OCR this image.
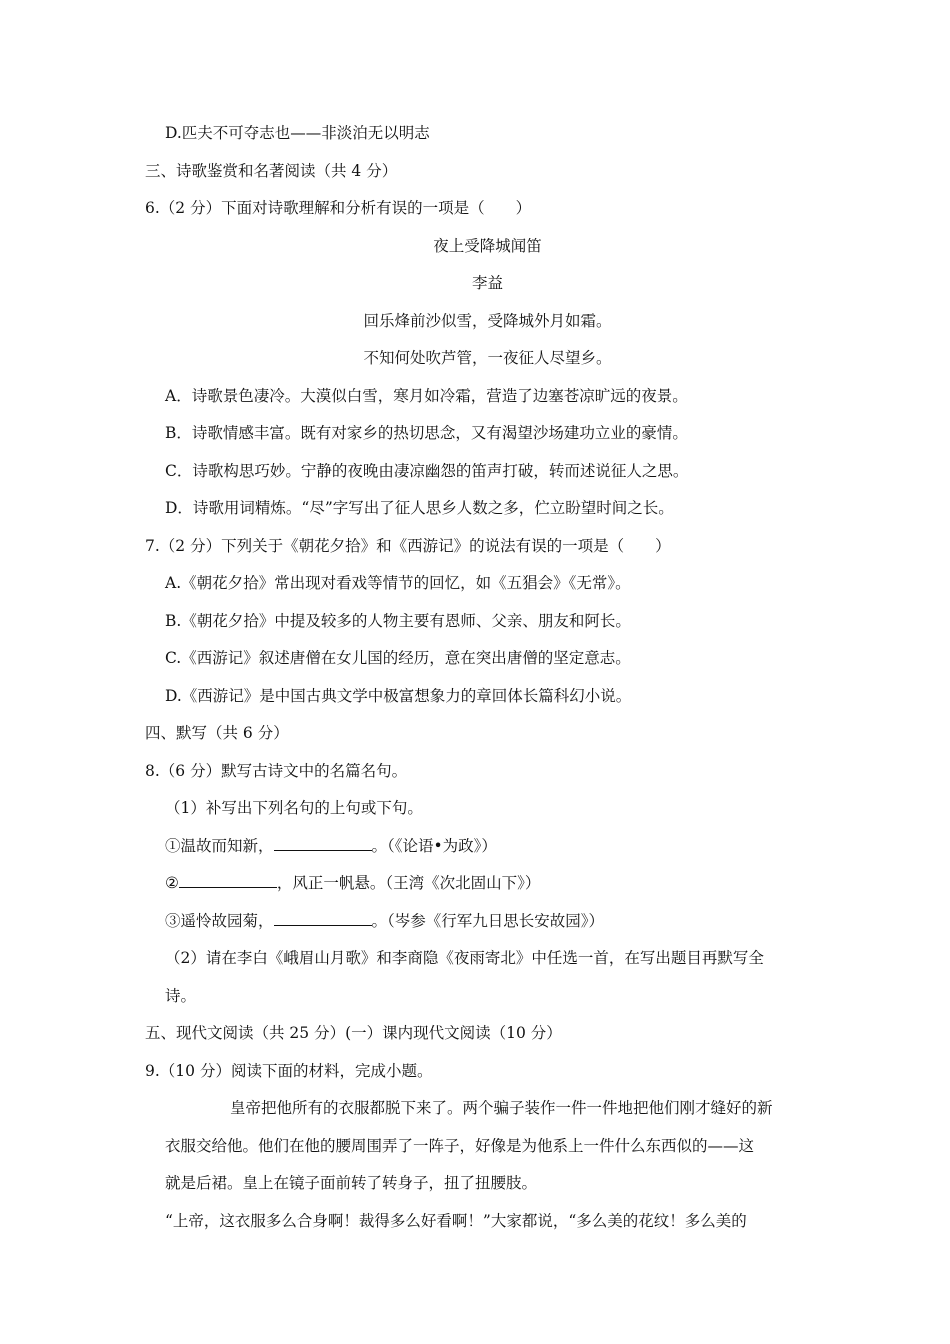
D.匹夫不可夺志也——非淡泊无以明志
三、诗歌鉴赏和名著阅读（共 4 分）
6.（2 分）下面对诗歌理解和分析有误的一项是（　　）
夜上受降城闻笛
李益
回乐烽前沙似雪，受降城外月如霜。
不知何处吹芦管，一夜征人尽望乡。
A．诗歌景色凄冷。大漠似白雪，寒月如冷霜，营造了边塞苍凉旷远的夜景。
B．诗歌情感丰富。既有对家乡的热切思念，又有渴望沙场建功立业的豪情。
C．诗歌构思巧妙。宁静的夜晚由凄凉幽怨的笛声打破，转而述说征人之思。
D．诗歌用词精炼。“尽”字写出了征人思乡人数之多，伫立盼望时间之长。
7.（2 分）下列关于《朝花夕拾》和《西游记》的说法有误的一项是（　　）
A.《朝花夕拾》常出现对看戏等情节的回忆，如《五猖会》《无常》。
B.《朝花夕拾》中提及较多的人物主要有恩师、父亲、朋友和阿长。
C.《西游记》叙述唐僧在女儿国的经历，意在突出唐僧的坚定意志。
D.《西游记》是中国古典文学中极富想象力的章回体长篇科幻小说。
四、默写（共 6 分）
8.（6 分）默写古诗文中的名篇名句。
（1）补写出下列名句的上句或下句。
①温故而知新，	。（《论语•为政》）
②	，风正一帆悬。（王湾《次北固山下》）
③遥怜故园菊，	。（岑参《行军九日思长安故园》）
（2）请在李白《峨眉山月歌》和李商隐《夜雨寄北》中任选一首，在写出题目再默写全
诗。
五、现代文阅读（共 25 分）(一）课内现代文阅读（10 分）
9.（10 分）阅读下面的材料，完成小题。
皇帝把他所有的衣服都脱下来了。两个骗子装作一件一件地把他们刚才缝好的新
衣服交给他。他们在他的腰周围弄了一阵子，好像是为他系上一件什么东西似的——这
就是后裙。皇上在镜子面前转了转身子，扭了扭腰肢。
“上帝，这衣服多么合身啊！裁得多么好看啊！”大家都说，“多么美的花纹！多么美的
